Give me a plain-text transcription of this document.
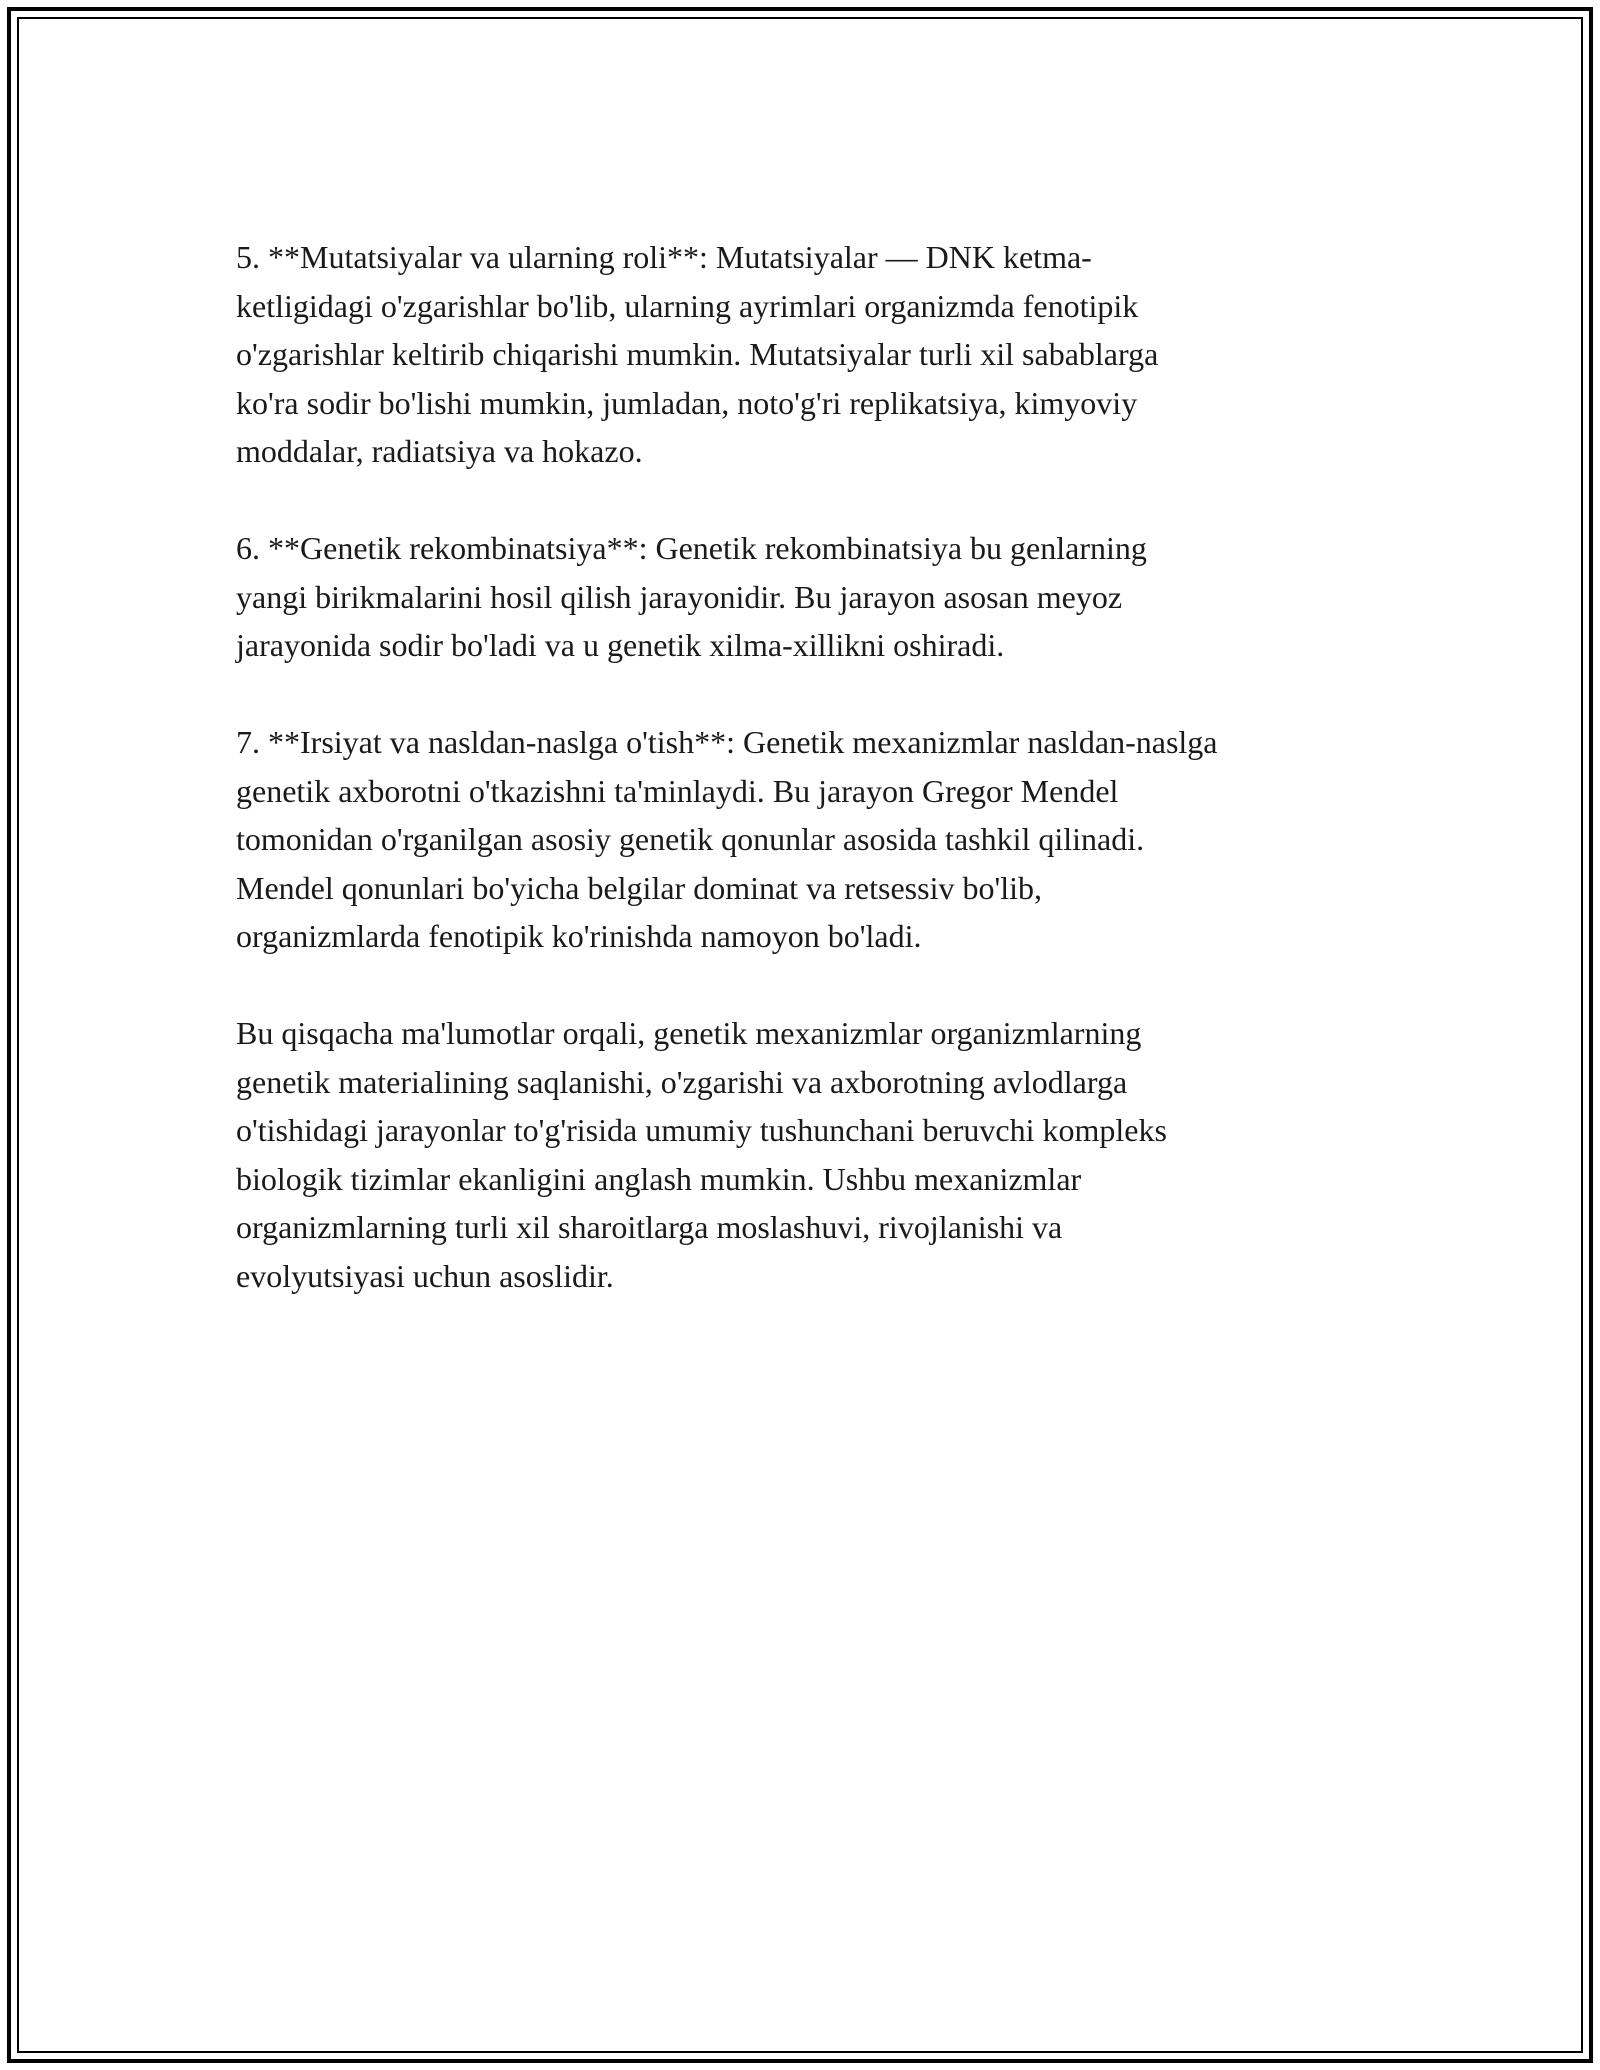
5. **Mutatsiyalar va ularning roli**: Mutatsiyalar — DNK ketma-
ketligidagi o'zgarishlar bo'lib, ularning ayrimlari organizmda fenotipik
o'zgarishlar keltirib chiqarishi mumkin. Mutatsiyalar turli xil sabablarga
ko'ra sodir bo'lishi mumkin, jumladan, noto'g'ri replikatsiya, kimyoviy
moddalar, radiatsiya va hokazo.

6. **Genetik rekombinatsiya**: Genetik rekombinatsiya bu genlarning
yangi birikmalarini hosil qilish jarayonidir. Bu jarayon asosan meyoz
jarayonida sodir bo'ladi va u genetik xilma-xillikni oshiradi.

7. **Irsiyat va nasldan-naslga o'tish**: Genetik mexanizmlar nasldan-naslga
genetik axborotni o'tkazishni ta'minlaydi. Bu jarayon Gregor Mendel
tomonidan o'rganilgan asosiy genetik qonunlar asosida tashkil qilinadi.
Mendel qonunlari bo'yicha belgilar dominat va retsessiv bo'lib,
organizmlarda fenotipik ko'rinishda namoyon bo'ladi.

Bu qisqacha ma'lumotlar orqali, genetik mexanizmlar organizmlarning
genetik materialining saqlanishi, o'zgarishi va axborotning avlodlarga
o'tishidagi jarayonlar to'g'risida umumiy tushunchani beruvchi kompleks
biologik tizimlar ekanligini anglash mumkin. Ushbu mexanizmlar
organizmlarning turli xil sharoitlarga moslashuvi, rivojlanishi va
evolyutsiyasi uchun asoslidir.
